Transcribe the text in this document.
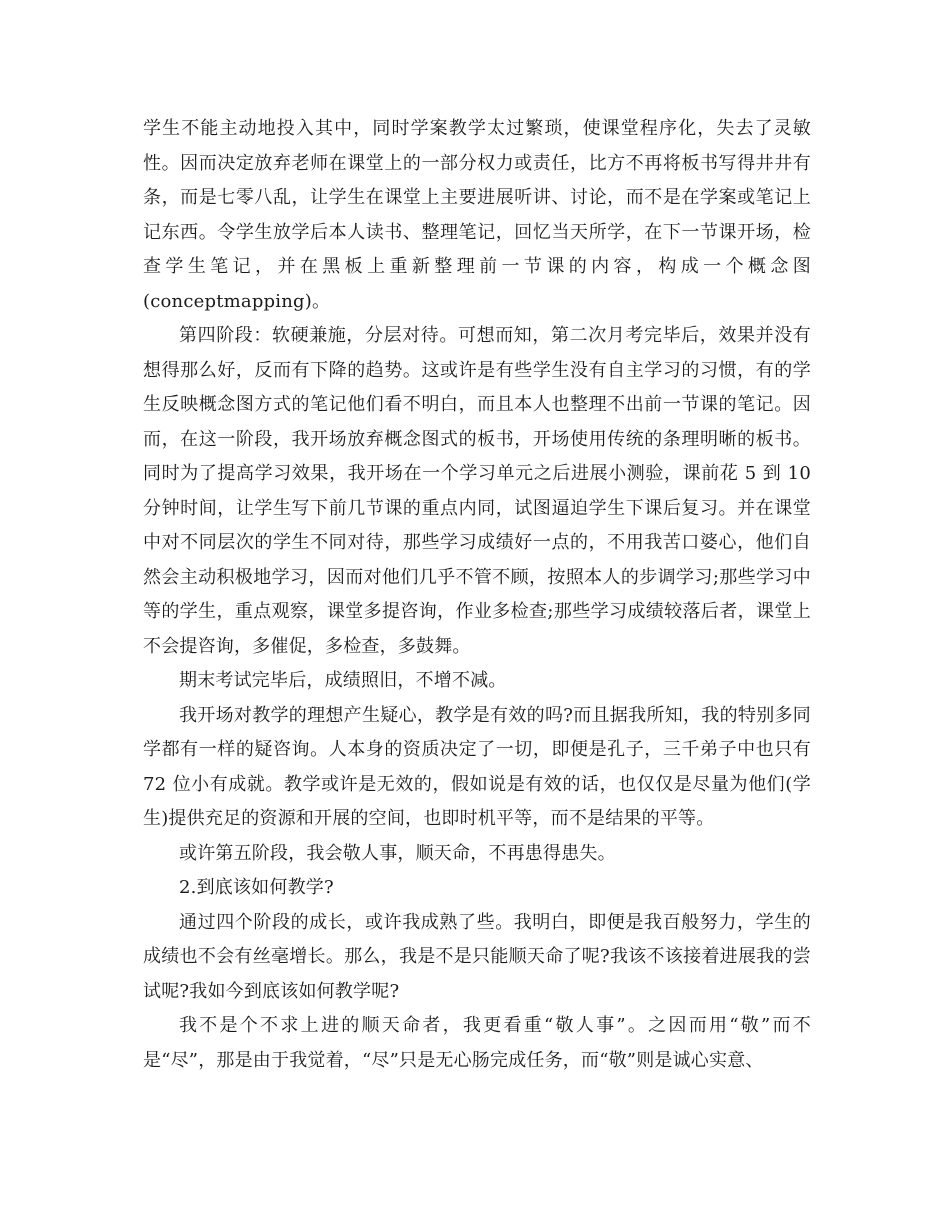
学生不能主动地投入其中，同时学案教学太过繁琐，使课堂程序化，失去了灵敏性。因而决定放弃老师在课堂上的一部分权力或责任，比方不再将板书写得井井有条，而是七零八乱，让学生在课堂上主要进展听讲、讨论，而不是在学案或笔记上记东西。令学生放学后本人读书、整理笔记，回忆当天所学，在下一节课开场，检查学生笔记，并在黑板上重新整理前一节课的内容，构成一个概念图(conceptmapping)。

第四阶段：软硬兼施，分层对待。可想而知，第二次月考完毕后，效果并没有想得那么好，反而有下降的趋势。这或许是有些学生没有自主学习的习惯，有的学生反映概念图方式的笔记他们看不明白，而且本人也整理不出前一节课的笔记。因而，在这一阶段，我开场放弃概念图式的板书，开场使用传统的条理明晰的板书。同时为了提高学习效果，我开场在一个学习单元之后进展小测验，课前花 5 到 10 分钟时间，让学生写下前几节课的重点内同，试图逼迫学生下课后复习。并在课堂中对不同层次的学生不同对待，那些学习成绩好一点的，不用我苦口婆心，他们自然会主动积极地学习，因而对他们几乎不管不顾，按照本人的步调学习;那些学习中等的学生，重点观察，课堂多提咨询，作业多检查;那些学习成绩较落后者，课堂上不会提咨询，多催促，多检查，多鼓舞。

期末考试完毕后，成绩照旧，不增不减。

我开场对教学的理想产生疑心，教学是有效的吗?而且据我所知，我的特别多同学都有一样的疑咨询。人本身的资质决定了一切，即便是孔子，三千弟子中也只有 72 位小有成就。教学或许是无效的，假如说是有效的话，也仅仅是尽量为他们(学生)提供充足的资源和开展的空间，也即时机平等，而不是结果的平等。

或许第五阶段，我会敬人事，顺天命，不再患得患失。

2.到底该如何教学?

通过四个阶段的成长，或许我成熟了些。我明白，即便是我百般努力，学生的成绩也不会有丝毫增长。那么，我是不是只能顺天命了呢?我该不该接着进展我的尝试呢?我如今到底该如何教学呢?

我不是个不求上进的顺天命者，我更看重“敬人事”。之因而用“敬”而不是“尽”，那是由于我觉着，“尽”只是无心肠完成任务，而“敬”则是诚心实意、
